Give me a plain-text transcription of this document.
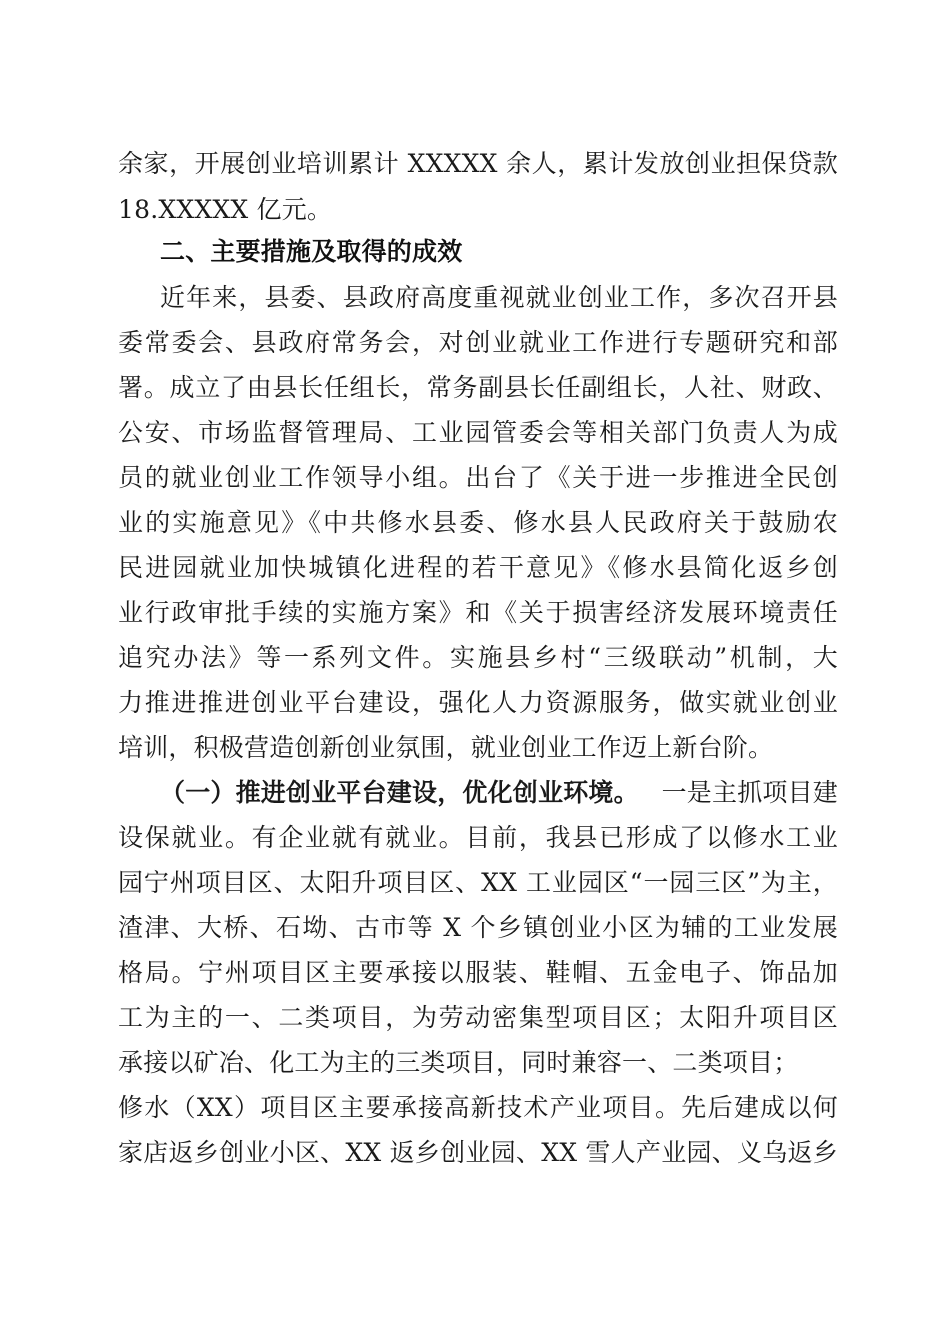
余家，开展创业培训累计 XXXXX 余人，累计发放创业担保贷款
18.XXXXX 亿元。
二、主要措施及取得的成效
近年来，县委、县政府高度重视就业创业工作，多次召开县
委常委会、县政府常务会，对创业就业工作进行专题研究和部
署。成立了由县长任组长，常务副县长任副组长，人社、财政、
公安、市场监督管理局、工业园管委会等相关部门负责人为成
员的就业创业工作领导小组。出台了《关于进一步推进全民创
业的实施意见》《中共修水县委、修水县人民政府关于鼓励农
民进园就业加快城镇化进程的若干意见》《修水县简化返乡创
业行政审批手续的实施方案》和《关于损害经济发展环境责任
追究办法》等一系列文件。实施县乡村“三级联动”机制，大
力推进推进创业平台建设，强化人力资源服务，做实就业创业
培训，积极营造创新创业氛围，就业创业工作迈上新台阶。
（一）推进创业平台建设，优化创业环境。 一是主抓项目建
设保就业。有企业就有就业。目前，我县已形成了以修水工业
园宁州项目区、太阳升项目区、XX 工业园区“一园三区”为主，
渣津、大桥、石坳、古市等 X 个乡镇创业小区为辅的工业发展
格局。宁州项目区主要承接以服装、鞋帽、五金电子、饰品加
工为主的一、二类项目，为劳动密集型项目区；太阳升项目区
承接以矿冶、化工为主的三类项目，同时兼容一、二类项目；
修水（XX）项目区主要承接高新技术产业项目。先后建成以何
家店返乡创业小区、XX 返乡创业园、XX 雪人产业园、义乌返乡
